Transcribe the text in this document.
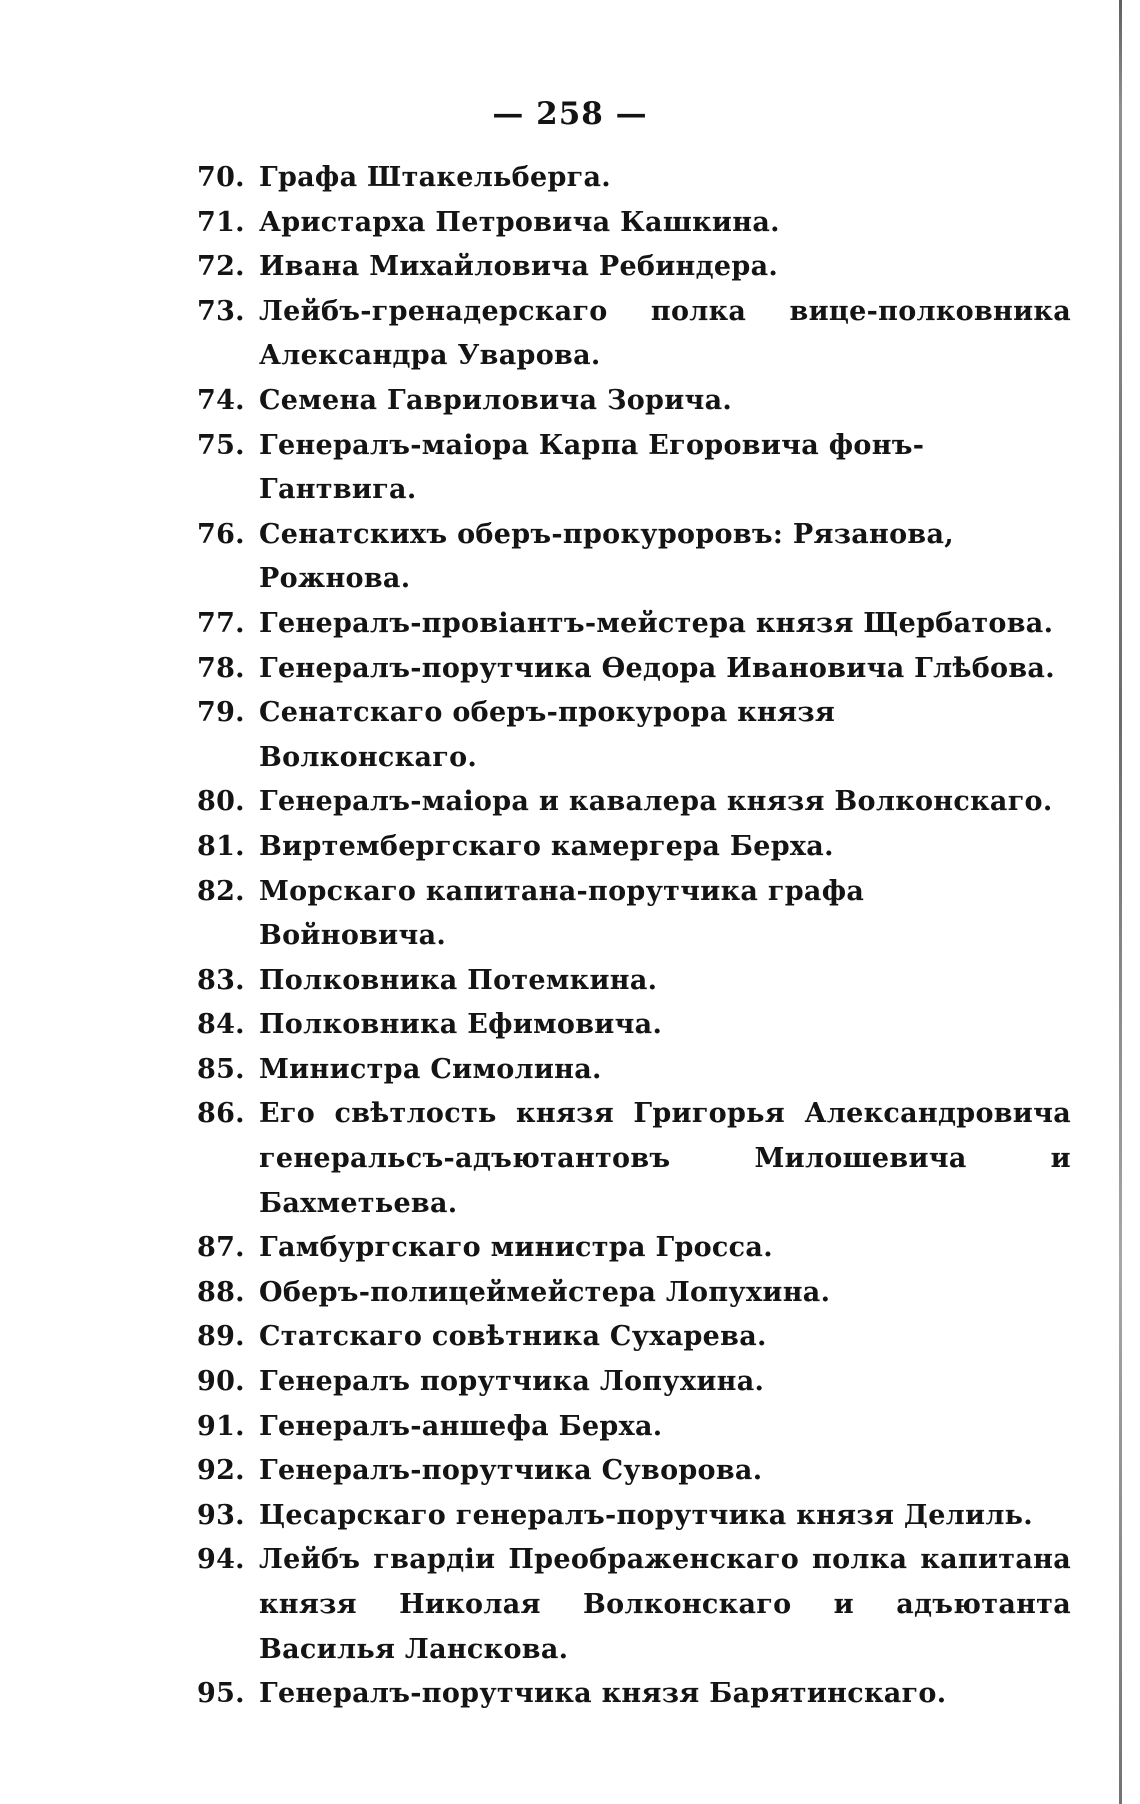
— 258 —
70. Графа Штакельберга.
71. Аристарха Петровича Кашкина.
72. Ивана Михайловича Ребиндера.
73. Лейбъ-гренадерскаго полка вице-полковника Александра Уварова.
74. Семена Гавриловича Зорича.
75. Генералъ-маiора Карпа Егоровича фонъ-Гантвига.
76. Сенатскихъ оберъ-прокуроровъ: Рязанова, Рожнова.
77. Генералъ-провiантъ-мейстера князя Щербатова.
78. Генералъ-порутчика Өедора Ивановича Глѣбова.
79. Сенатскаго оберъ-прокурора князя Волконскаго.
80. Генералъ-маiора и кавалера князя Волконскаго.
81. Виртембергскаго камергера Берха.
82. Морскаго капитана-порутчика графа Войновича.
83. Полковника Потемкина.
84. Полковника Ефимовича.
85. Министра Симолина.
86. Его свѣтлость князя Григорья Александровича генеральсъ-адъютантовъ Милошевича и Бахметьева.
87. Гамбургскаго министра Гросса.
88. Оберъ-полицеймейстера Лопухина.
89. Статскаго совѣтника Сухарева.
90. Генералъ порутчика Лопухина.
91. Генералъ-аншефа Берха.
92. Генералъ-порутчика Суворова.
93. Цесарскаго генералъ-порутчика князя Делиль.
94. Лейбъ гвардiи Преображенскаго полка капитана князя Николая Волконскаго и адъютанта Василья Ланскова.
95. Генералъ-порутчика князя Барятинскаго.
